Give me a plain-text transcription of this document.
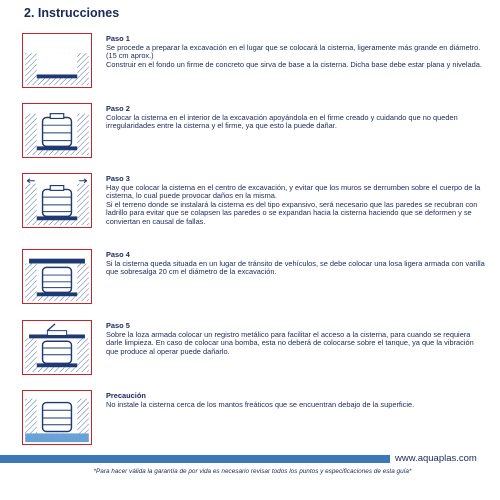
2. Instrucciones
Paso 1
Se procede a preparar la excavación en el lugar que se colocará la cisterna, ligeramente más grande en diámetro. (15 cm aprox.)
Construir en el fondo un firme de concreto que sirva de base a la cisterna. Dicha base debe estar plana y nivelada.
Paso 2
Colocar la cisterna en el interior de la excavación apoyándola en el firme creado y cuidando que no queden irregularidades entre la cisterna y el firme, ya que esto la puede dañar.
Paso 3
Hay que colocar la cisterna en el centro de excavación, y evitar que los muros se derrumben sobre el cuerpo de la cisterna, lo cual puede provocar daños en la misma.
Si el terreno donde se instalará la cisterna es del tipo expansivo, será necesario que las paredes se recubran con ladrillo para evitar que se colapsen las paredes o se expandan hacia la cisterna haciendo que se deformen y se conviertan en causal de fallas.
Paso 4
Si la cisterna queda situada en un lugar de tránsito de vehículos, se debe colocar una losa ligera armada con varilla que sobresalga 20 cm el diámetro de la excavación.
Paso 5
Sobre la loza armada colocar un registro metálico para facilitar el acceso a la cisterna, para cuando se requiera darle limpieza. En caso de colocar una bomba, esta no deberá de colocarse sobre el tanque, ya que la vibración que produce al operar puede dañarlo.
Precaución
No instale la cisterna cerca de los mantos freáticos que se encuentran debajo de la superficie.
www.aquaplas.com
*Para hacer válida la garantía de por vida es necesario revisar todos los puntos y especificaciones de esta guía*
